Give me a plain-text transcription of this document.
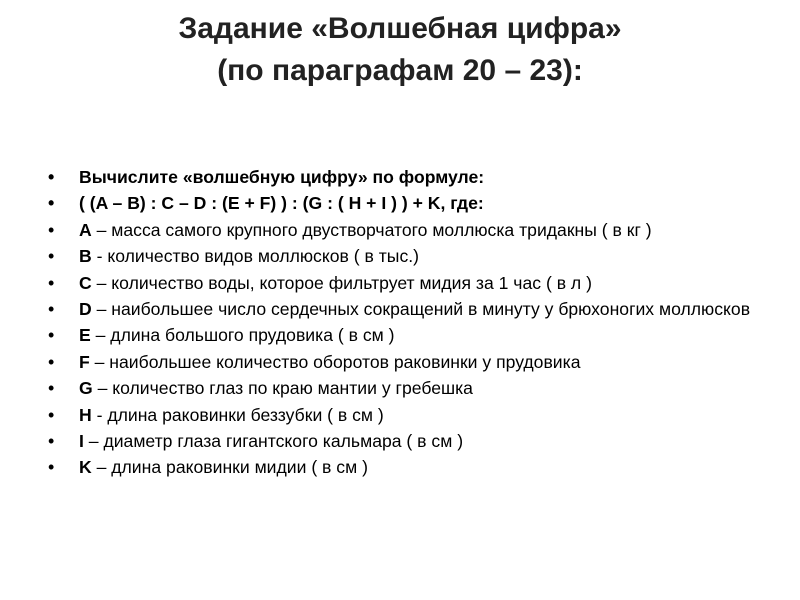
Задание «Волшебная цифра»
(по параграфам 20 – 23):
• Вычислите «волшебную цифру» по формуле:
• ( (A – B) : C – D : (E + F) ) : (G : ( H + I ) ) + K, где:
• A – масса самого крупного двустворчатого моллюска тридакны ( в кг )
• B - количество видов моллюсков ( в тыс.)
• C – количество воды, которое фильтрует мидия за 1 час ( в л )
• D – наибольшее число сердечных сокращений в минуту у брюхоногих моллюсков
• E – длина большого прудовика ( в см )
• F – наибольшее количество оборотов раковинки у прудовика
• G – количество глаз по краю мантии у гребешка
• H - длина раковинки беззубки ( в см )
• I – диаметр глаза гигантского кальмара ( в см )
• K – длина раковинки мидии ( в см )
